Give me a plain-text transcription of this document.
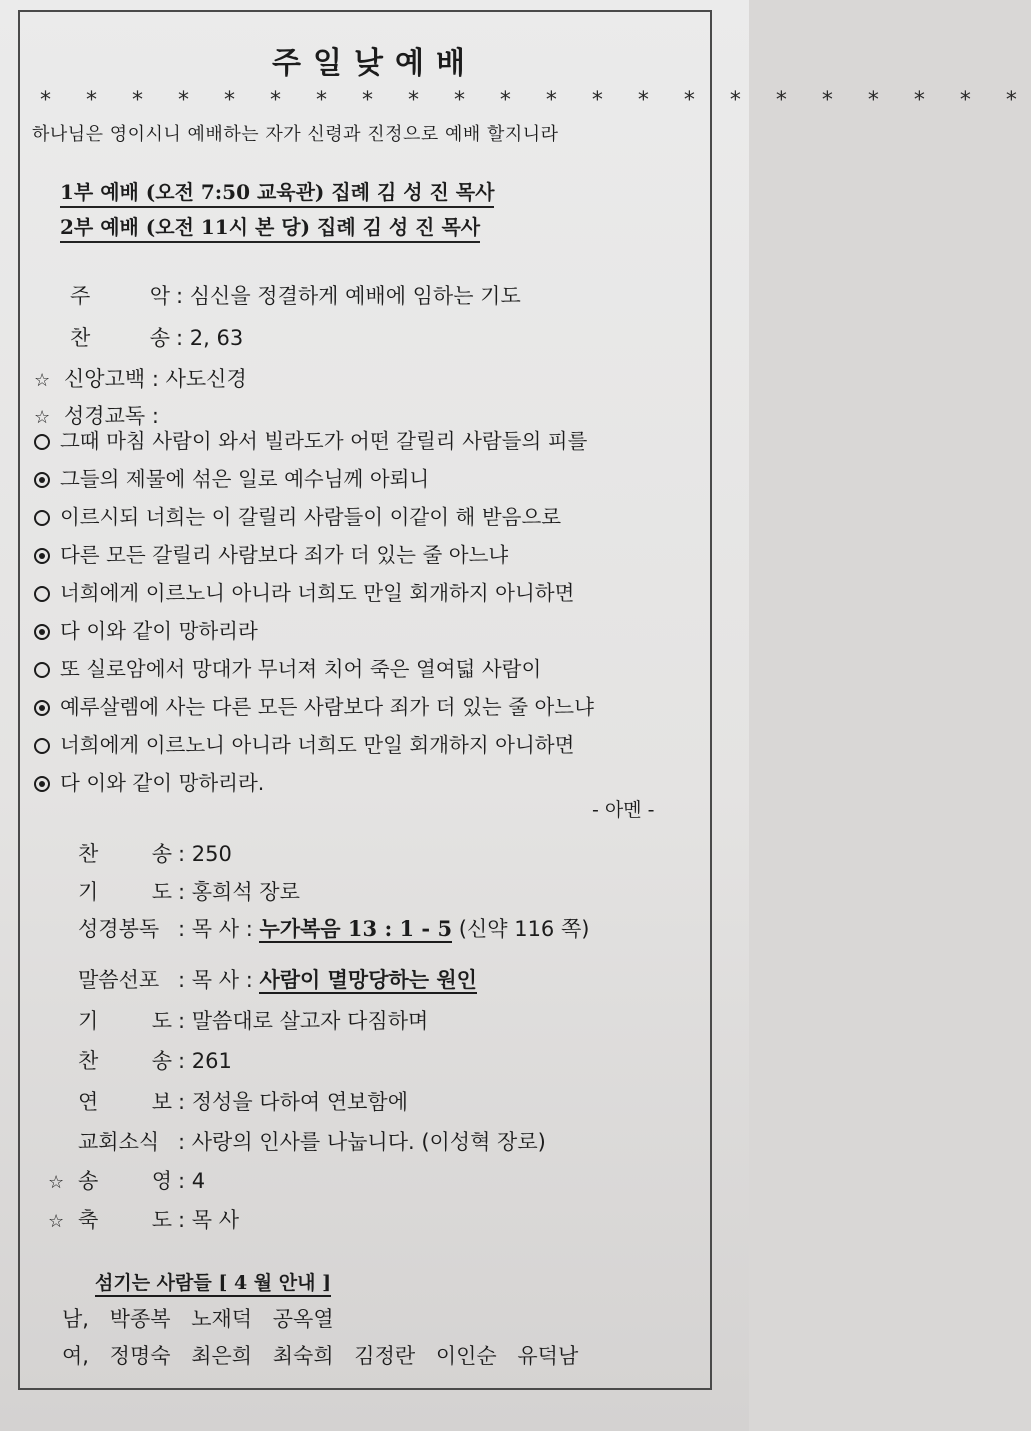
주일낮예배
* * * * * * * * * * * * * * * * * * * * * *
하나님은 영이시니 예배하는 자가 신령과 진정으로 예배 할지니라
1부 예배 (오전 7:50 교육관) 집례 김 성 진 목사
2부 예배 (오전 11시 본 당) 집례 김 성 진 목사
주 악 : 심신을 정결하게 예배에 임하는 기도
찬 송 : 2, 63
☆ 신앙고백 : 사도신경
☆ 성경교독 :
그때 마침 사람이 와서 빌라도가 어떤 갈릴리 사람들의 피를
그들의 제물에 섞은 일로 예수님께 아뢰니
이르시되 너희는 이 갈릴리 사람들이 이같이 해 받음으로
다른 모든 갈릴리 사람보다 죄가 더 있는 줄 아느냐
너희에게 이르노니 아니라 너희도 만일 회개하지 아니하면
다 이와 같이 망하리라
또 실로암에서 망대가 무너져 치어 죽은 열여덟 사람이
예루살렘에 사는 다른 모든 사람보다 죄가 더 있는 줄 아느냐
너희에게 이르노니 아니라 너희도 만일 회개하지 아니하면
다 이와 같이 망하리라.
- 아멘 -
찬 송 : 250
기 도 : 홍희석 장로
성경봉독 : 목 사 : 누가복음 13 : 1 - 5 (신약 116 쪽)
말씀선포 : 목 사 : 사람이 멸망당하는 원인
기 도 : 말씀대로 살고자 다짐하며
찬 송 : 261
연 보 : 정성을 다하여 연보함에
교회소식 : 사랑의 인사를 나눕니다. (이성혁 장로)
☆ 송 영 : 4
☆ 축 도 : 목 사
섬기는 사람들 [ 4 월 안내 ]
남, 박종복 노재덕 공옥열
여, 정명숙 최은희 최숙희 김정란 이인순 유덕남
